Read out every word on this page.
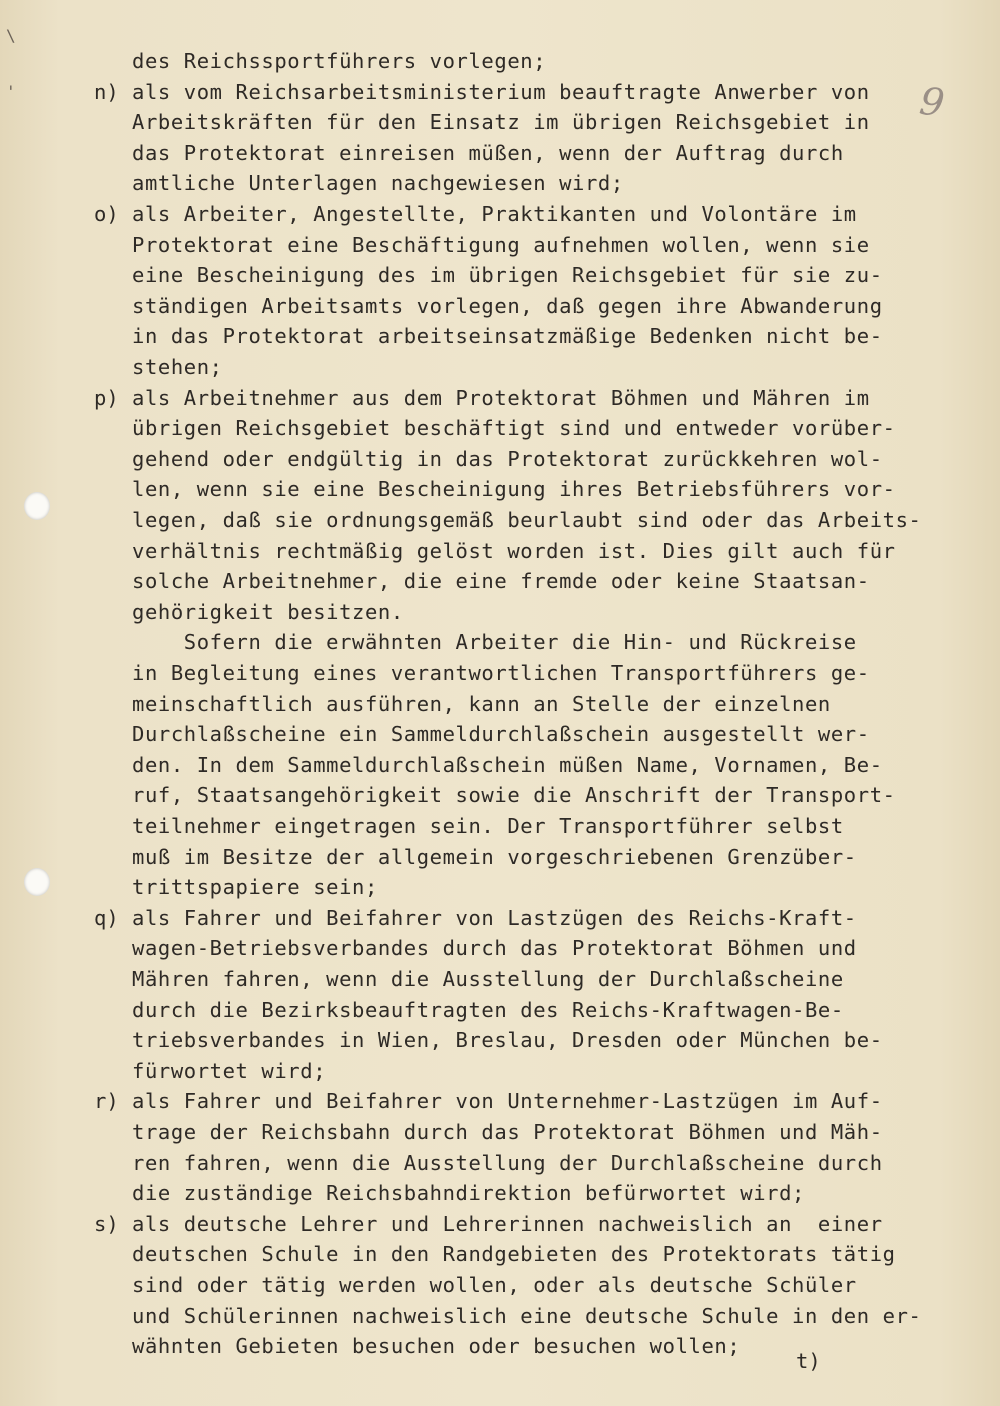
\
'	9
des Reichssportführers vorlegen;
als vom Reichsarbeitsministerium beauftragte Anwerber von
Arbeitskräften für den Einsatz im übrigen Reichsgebiet in
das Protektorat einreisen müßen, wenn der Auftrag durch
amtliche Unterlagen nachgewiesen wird;
als Arbeiter, Angestellte, Praktikanten und Volontäre im
Protektorat eine Beschäftigung aufnehmen wollen, wenn sie
eine Bescheinigung des im übrigen Reichsgebiet für sie zu-
ständigen Arbeitsamts vorlegen, daß gegen ihre Abwanderung
in das Protektorat arbeitseinsatzmäßige Bedenken nicht be-
stehen;
als Arbeitnehmer aus dem Protektorat Böhmen und Mähren im
übrigen Reichsgebiet beschäftigt sind und entweder vorüber-
gehend oder endgültig in das Protektorat zurückkehren wol-
len, wenn sie eine Bescheinigung ihres Betriebsführers vor-
legen, daß sie ordnungsgemäß beurlaubt sind oder das Arbeits-
verhältnis rechtmäßig gelöst worden ist. Dies gilt auch für
solche Arbeitnehmer, die eine fremde oder keine Staatsan-
gehörigkeit besitzen.
Sofern die erwähnten Arbeiter die Hin- und Rückreise
in Begleitung eines verantwortlichen Transportführers ge-
meinschaftlich ausführen, kann an Stelle der einzelnen
Durchlaßscheine ein Sammeldurchlaßschein ausgestellt wer-
den. In dem Sammeldurchlaßschein müßen Name, Vornamen, Be-
ruf, Staatsangehörigkeit sowie die Anschrift der Transport-
teilnehmer eingetragen sein. Der Transportführer selbst
muß im Besitze der allgemein vorgeschriebenen Grenzüber-
trittspapiere sein;
als Fahrer und Beifahrer von Lastzügen des Reichs-Kraft-
wagen-Betriebsverbandes durch das Protektorat Böhmen und
Mähren fahren, wenn die Ausstellung der Durchlaßscheine
durch die Bezirksbeauftragten des Reichs-Kraftwagen-Be-
triebsverbandes in Wien, Breslau, Dresden oder München be-
fürwortet wird;
als Fahrer und Beifahrer von Unternehmer-Lastzügen im Auf-
trage der Reichsbahn durch das Protektorat Böhmen und Mäh-
ren fahren, wenn die Ausstellung der Durchlaßscheine durch
die zuständige Reichsbahndirektion befürwortet wird;
als deutsche Lehrer und Lehrerinnen nachweislich an  einer
deutschen Schule in den Randgebieten des Protektorats tätig
sind oder tätig werden wollen, oder als deutsche Schüler
und Schülerinnen nachweislich eine deutsche Schule in den er-
wähnten Gebieten besuchen oder besuchen wollen;
n)
o)
p)
q)
r)
s)
t)
